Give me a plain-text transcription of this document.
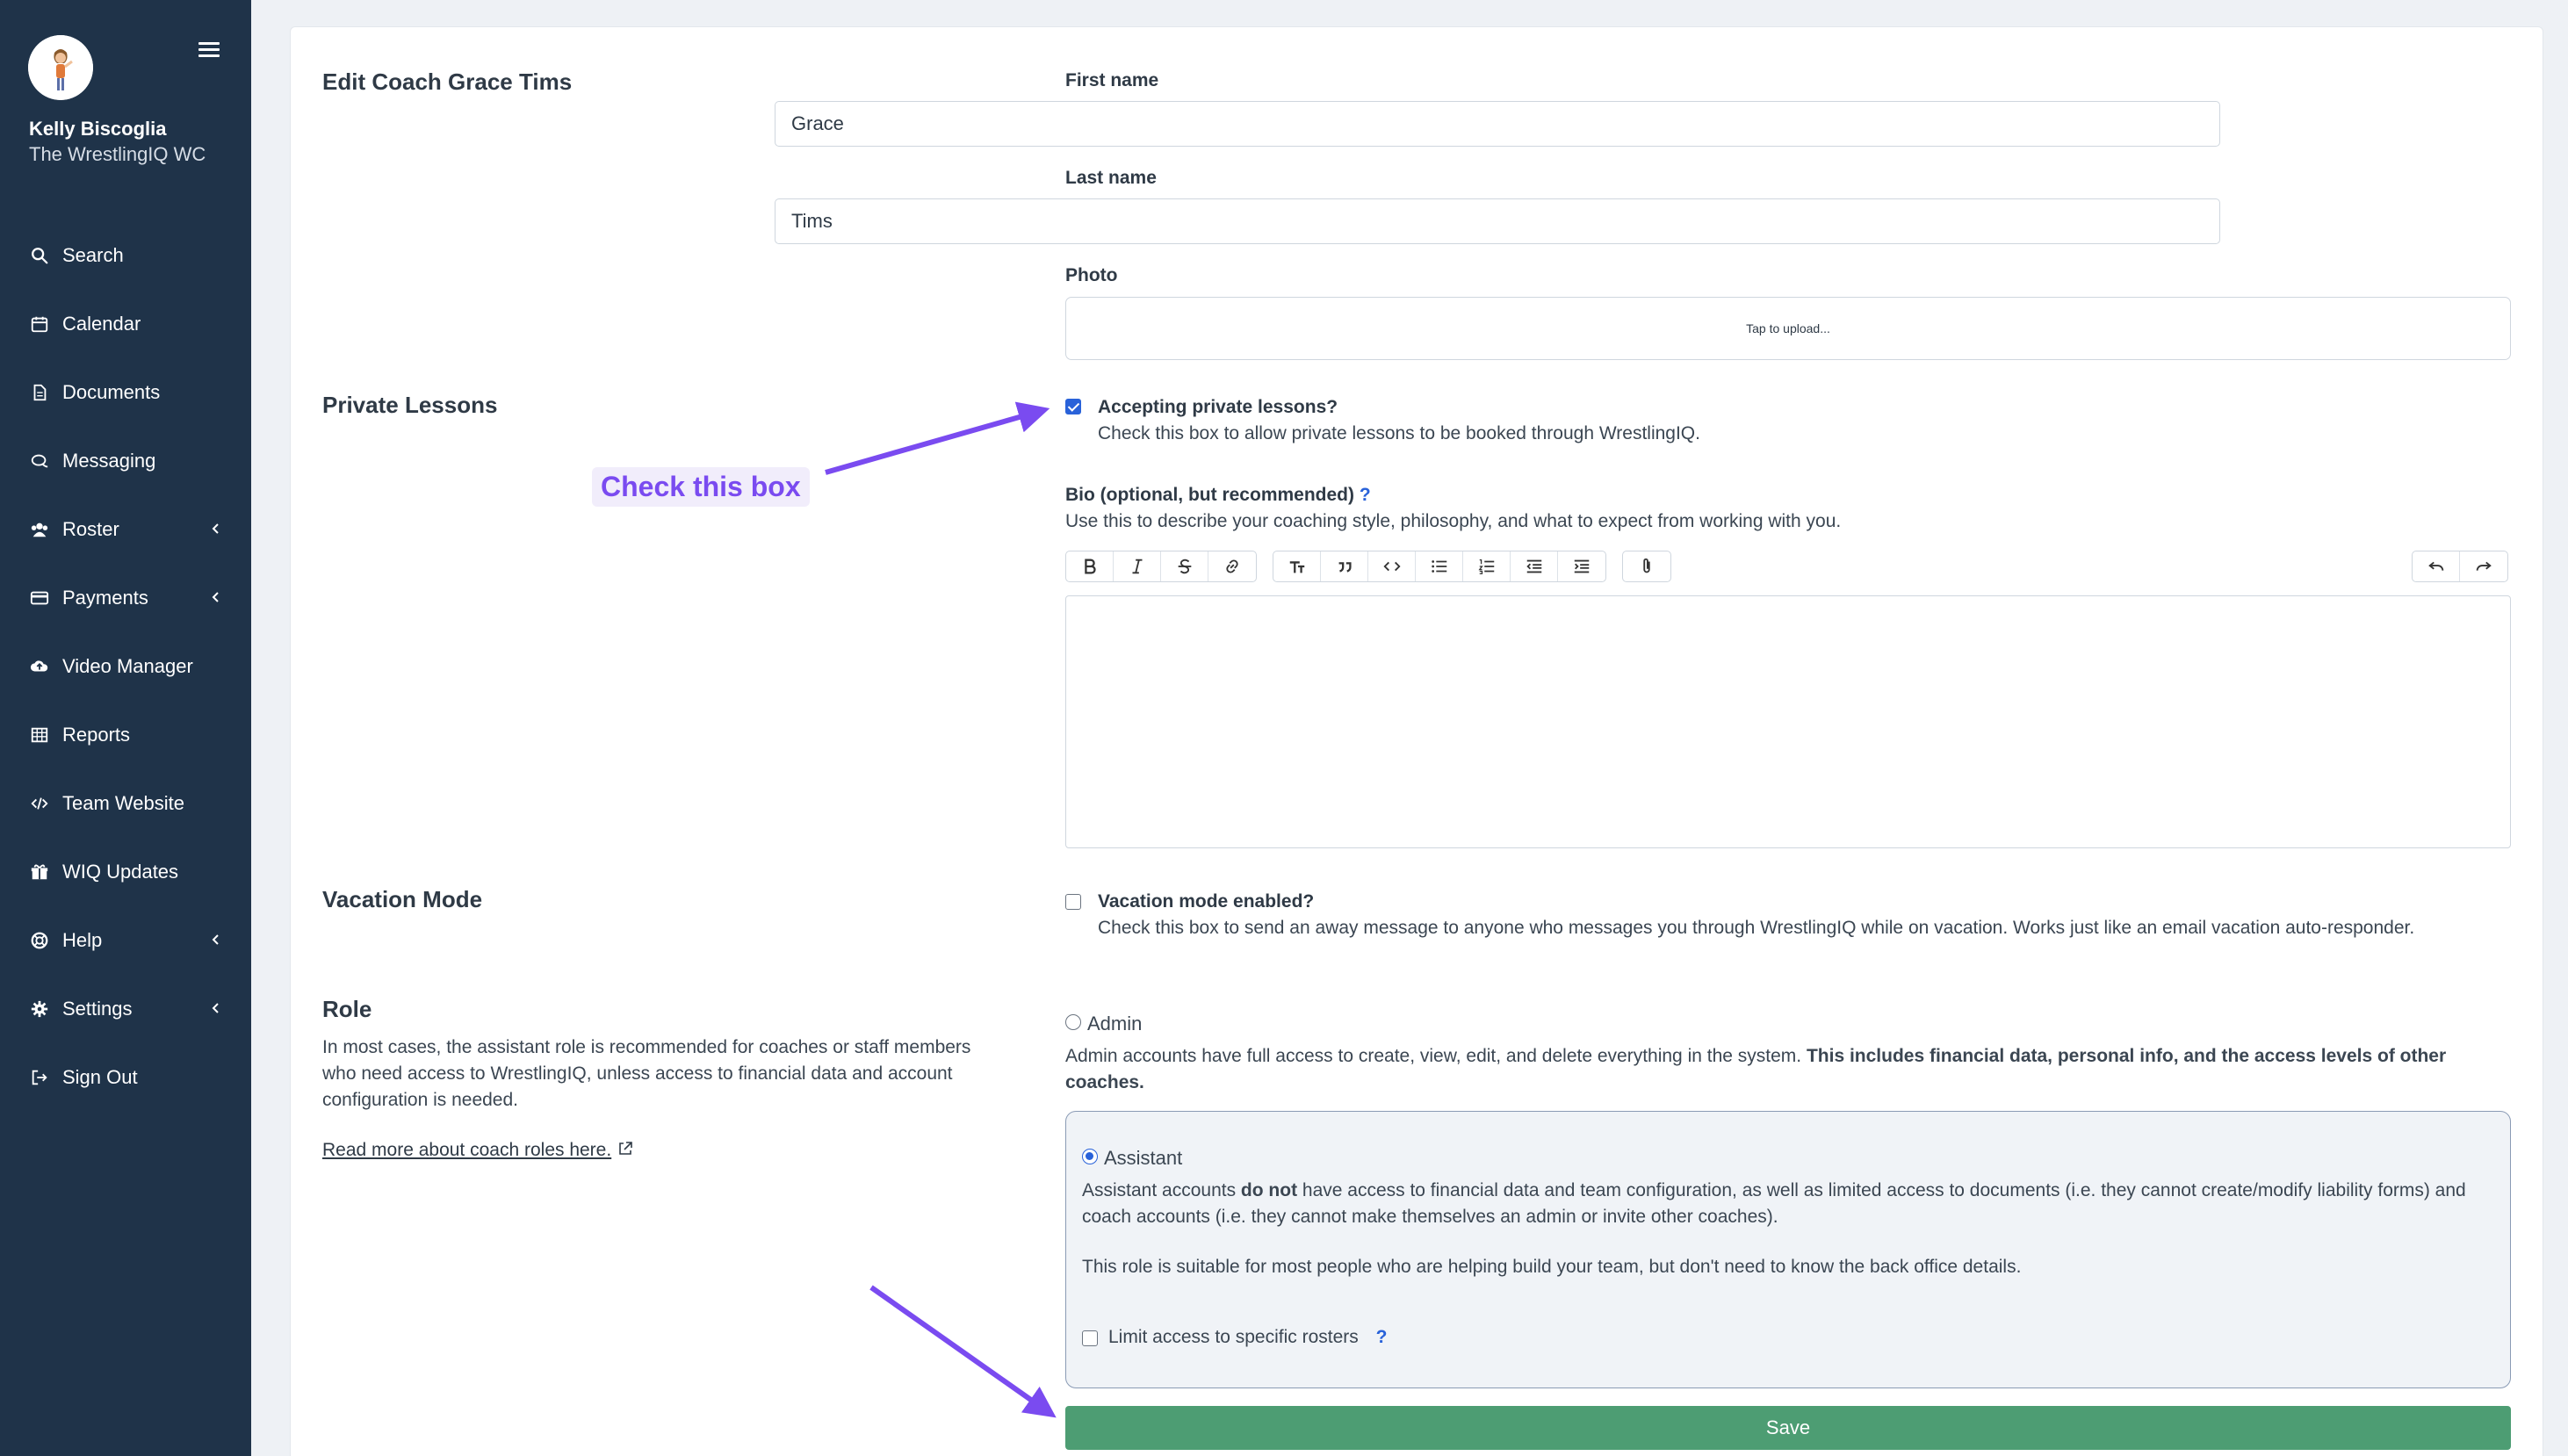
Kelly Biscoglia
The WrestlingIQ WC
Search
Calendar
Documents
Messaging
Roster
Payments
Video Manager
Reports
Team Website
WIQ Updates
Help
Settings
Sign Out
Edit Coach Grace Tims	First name
Grace
Last name
Tims
Photo
Tap to upload...
Private Lessons	Accepting private lessons?
Check this box to allow private lessons to be booked through WrestlingIQ.
Bio (optional, but recommended) ?
Use this to describe your coaching style, philosophy, and what to expect from working with you.
Vacation Mode	Vacation mode enabled?
Check this box to send an away message to anyone who messages you through WrestlingIQ while on vacation. Works just like an email vacation auto-responder.
Role
In most cases, the assistant role is recommended for coaches or staff members who need access to WrestlingIQ, unless access to financial data and account configuration is needed.
Read more about coach roles here.
Admin
Admin accounts have full access to create, view, edit, and delete everything in the system. This includes financial data, personal info, and the access levels of other coaches.
Assistant
Assistant accounts do not have access to financial data and team configuration, as well as limited access to documents (i.e. they cannot create/modify liability forms) and coach accounts (i.e. they cannot make themselves an admin or invite other coaches).
This role is suitable for most people who are helping build your team, but don't need to know the back office details.
Limit access to specific rosters ?
Save
Check this box
